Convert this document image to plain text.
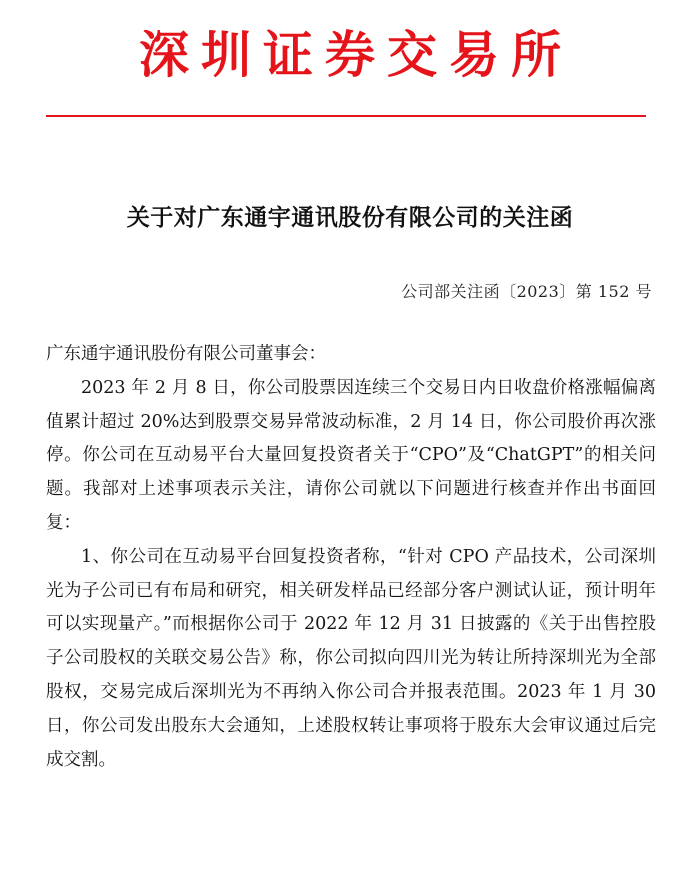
深圳证券交易所
关于对广东通宇通讯股份有限公司的关注函
公司部关注函〔2023〕第 152 号

广东通宇通讯股份有限公司董事会：

2023 年 2 月 8 日，你公司股票因连续三个交易日内日收盘价格涨幅偏离值累计超过 20%达到股票交易异常波动标准，2 月 14 日，你公司股价再次涨停。你公司在互动易平台大量回复投资者关于“CPO”及“ChatGPT”的相关问题。我部对上述事项表示关注，请你公司就以下问题进行核查并作出书面回复：

1、你公司在互动易平台回复投资者称，“针对 CPO 产品技术，公司深圳光为子公司已有布局和研究，相关研发样品已经部分客户测试认证，预计明年可以实现量产。”而根据你公司于 2022 年 12 月 31 日披露的《关于出售控股子公司股权的关联交易公告》称，你公司拟向四川光为转让所持深圳光为全部股权，交易完成后深圳光为不再纳入你公司合并报表范围。2023 年 1 月 30 日，你公司发出股东大会通知，上述股权转让事项将于股东大会审议通过后完成交割。
